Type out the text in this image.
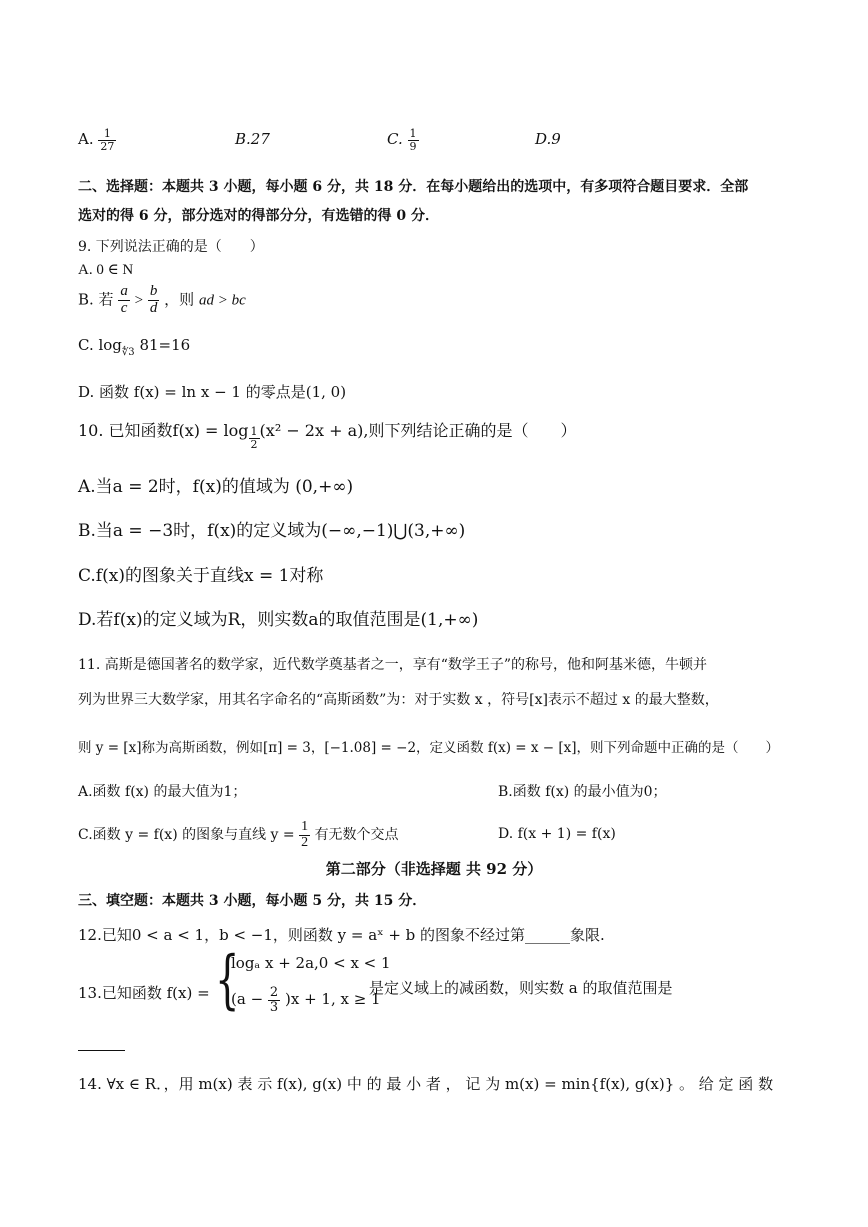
A. $\frac{1}{27}$	B.27	C. $\frac{1}{9}$	D.9
二、选择题：本题共 3 小题，每小题 6 分，共 18 分．在每小题给出的选项中，有多项符合题目要求．全部
选对的得 6 分，部分选对的得部分分，有选错的得 0 分．
9. 下列说法正确的是（　　）
A. 0 ∈ N
B. 若 $\frac{a}{c} > \frac{b}{d}$ ，则 ad > bc
C. $\log_{∜3} 81=16$
D. 函数 f(x) = ln x − 1 的零点是(1, 0)
10. 已知函数$f(x) = \log \frac{1}{2} (x^2 - 2x + a)$,则下列结论正确的是（　　）
A.当a = 2时，f(x)的值域为 (0,+∞)
B.当a = −3时，f(x)的定义域为(−∞,−1)⋃(3,+∞)
C.f(x)的图象关于直线x = 1对称
D.若f(x)的定义域为R，则实数a的取值范围是(1,+∞)
11. 高斯是德国著名的数学家，近代数学奠基者之一，享有“数学王子”的称号，他和阿基米德，牛顿并
列为世界三大数学家，用其名字命名的“高斯函数”为：对于实数 x ，符号[x]表示不超过 x 的最大整数，
则 y = [x]称为高斯函数，例如[π] = 3，[−1.08] = −2，定义函数 f(x) = x − [x]，则下列命题中正确的是（　　）
A.函数 f(x) 的最大值为1；	B.函数 f(x) 的最小值为0；
C.函数 y = f(x) 的图象与直线 $y = \frac{1}{2}$ 有无数个交点	D. f(x + 1) = f(x)
第二部分（非选择题 共 92 分）
三、填空题：本题共 3 小题，每小题 5 分，共 15 分．
12.已知0 < a < 1，b < −1，则函数 y = aˣ + b 的图象不经过第______象限.
13.已知函数 f(x) = {
logₐ x + 2a,0 < x < 1
$(a - \frac{2}{3} )x + 1$, x ≥ 1
是定义域上的减函数，则实数 a 的取值范围是
14. ∀x ∈ R．，用 m(x) 表 示 f(x), g(x) 中 的 最 小 者 ， 记 为 m(x) = min{f(x), g(x)} 。 给 定 函 数
